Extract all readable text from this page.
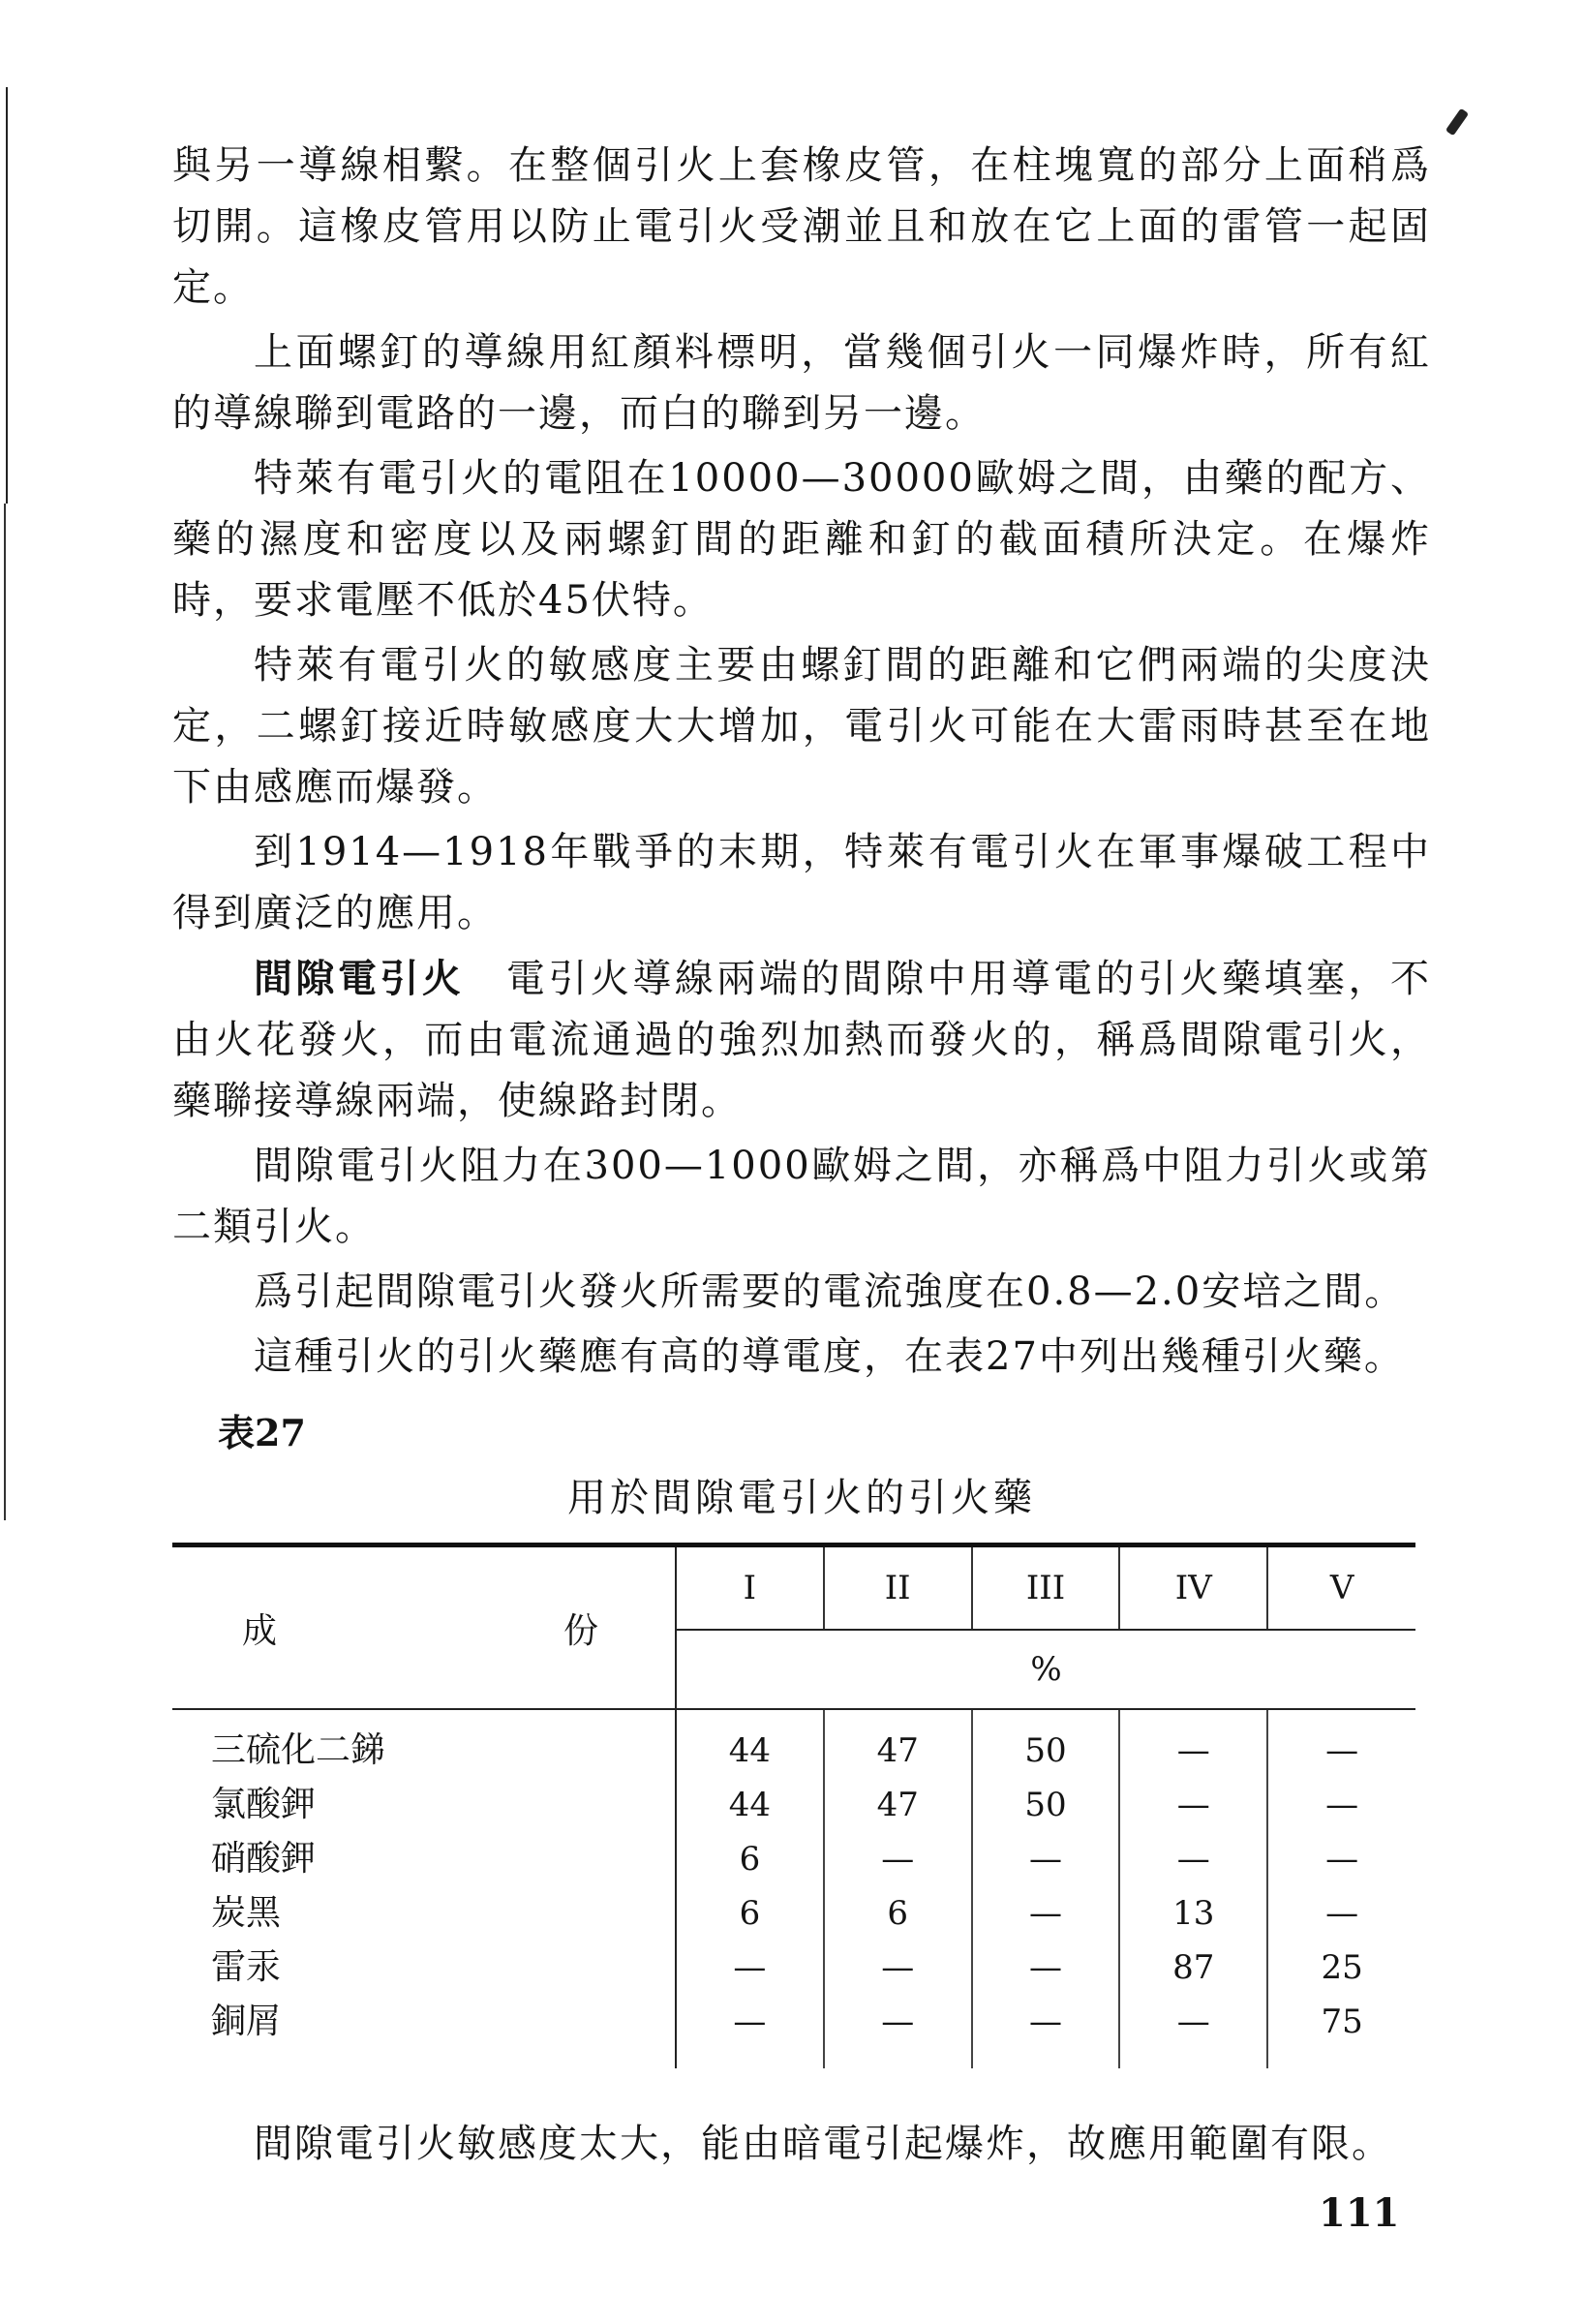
與另一導線相繫。在整個引火上套橡皮管，在柱塊寬的部分上面稍爲切開。這橡皮管用以防止電引火受潮並且和放在它上面的雷管一起固定。

上面螺釘的導線用紅顏料標明，當幾個引火一同爆炸時，所有紅的導線聯到電路的一邊，而白的聯到另一邊。

特萊有電引火的電阻在10000—30000歐姆之間，由藥的配方、藥的濕度和密度以及兩螺釘間的距離和釘的截面積所決定。在爆炸時，要求電壓不低於45伏特。

特萊有電引火的敏感度主要由螺釘間的距離和它們兩端的尖度決定，二螺釘接近時敏感度大大增加，電引火可能在大雷雨時甚至在地下由感應而爆發。

到1914—1918年戰爭的末期，特萊有電引火在軍事爆破工程中得到廣泛的應用。

間隙電引火　電引火導線兩端的間隙中用導電的引火藥填塞，不由火花發火，而由電流通過的強烈加熱而發火的，稱爲間隙電引火，藥聯接導線兩端，使線路封閉。

間隙電引火阻力在300—1000歐姆之間，亦稱爲中阻力引火或第二類引火。

爲引起間隙電引火發火所需要的電流強度在0.8—2.0安培之間。

這種引火的引火藥應有高的導電度，在表27中列出幾種引火藥。

表27
用於間隙電引火的引火藥
成 份	I	II	III	IV	V
	%				
三硫化二銻	44	47	50	—	—
氯酸鉀	44	47	50	—	—
硝酸鉀	6	—	—	—	—
炭黑	6	6	—	13	—
雷汞	—	—	—	87	25
銅屑	—	—	—	—	75
間隙電引火敏感度太大，能由暗電引起爆炸，故應用範圍有限。
111
